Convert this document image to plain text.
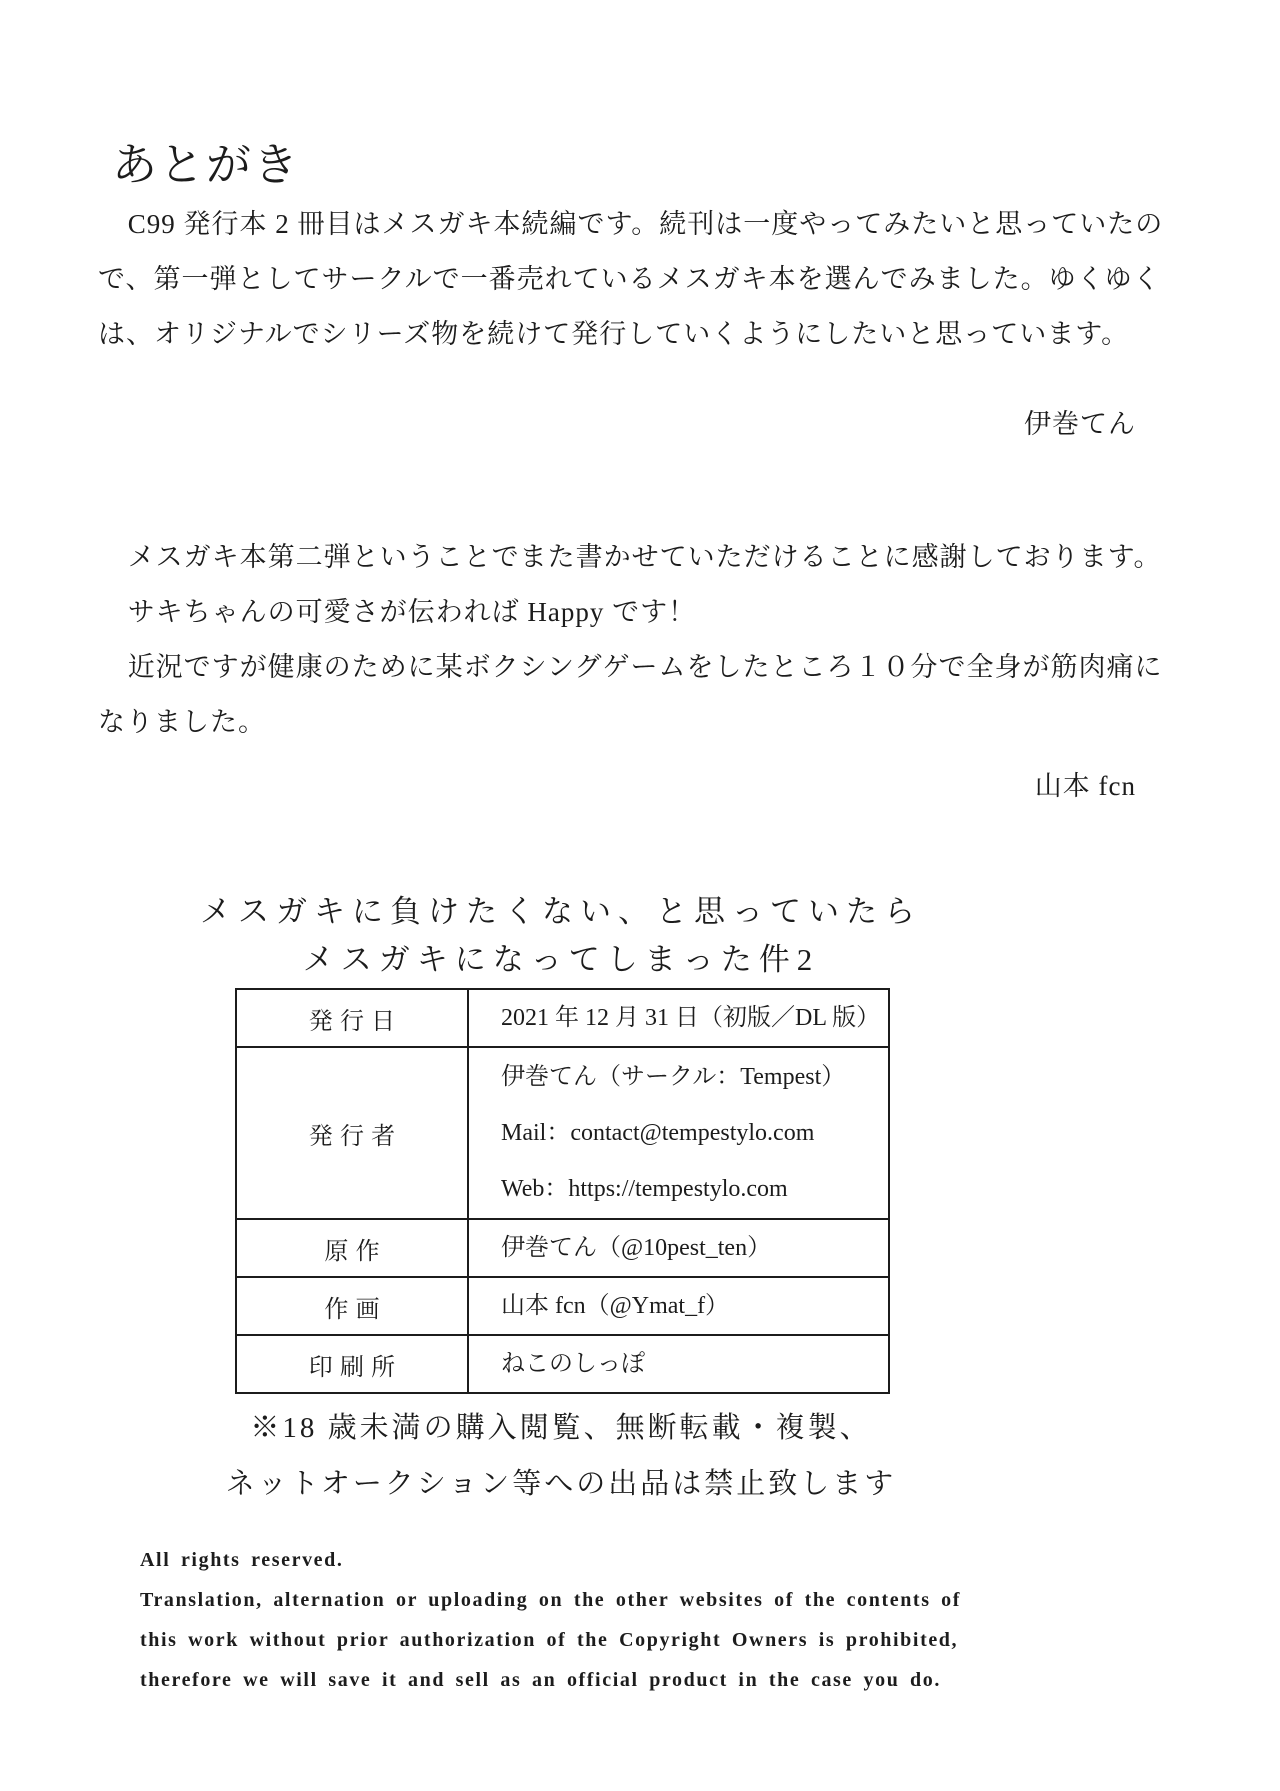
あとがき
C99 発行本 2 冊目はメスガキ本続編です。続刊は一度やってみたいと思っていたの
で、第一弾としてサークルで一番売れているメスガキ本を選んでみました。ゆくゆく
は、オリジナルでシリーズ物を続けて発行していくようにしたいと思っています。
伊巻てん
メスガキ本第二弾ということでまた書かせていただけることに感謝しております。
サキちゃんの可愛さが伝われば Happy です！
近況ですが健康のために某ボクシングゲームをしたところ１０分で全身が筋肉痛に
なりました。
山本 fcn
メスガキに負けたくない、と思っていたら
メスガキになってしまった件2
発行日	2021 年 12 月 31 日（初版／DL 版）

発行者	伊巻てん（サークル：Tempest）
Mail：contact@tempestylo.com
Web：https://tempestylo.com

原作	伊巻てん（@10pest_ten）

作画	山本 fcn（@Ymat_f）

印刷所	ねこのしっぽ
※18 歳未満の購入閲覧、無断転載・複製、
ネットオークション等への出品は禁止致します
All rights reserved.
Translation, alternation or uploading on the other websites of the contents of
this work without prior authorization of the Copyright Owners is prohibited,
therefore we will save it and sell as an official product in the case you do.
